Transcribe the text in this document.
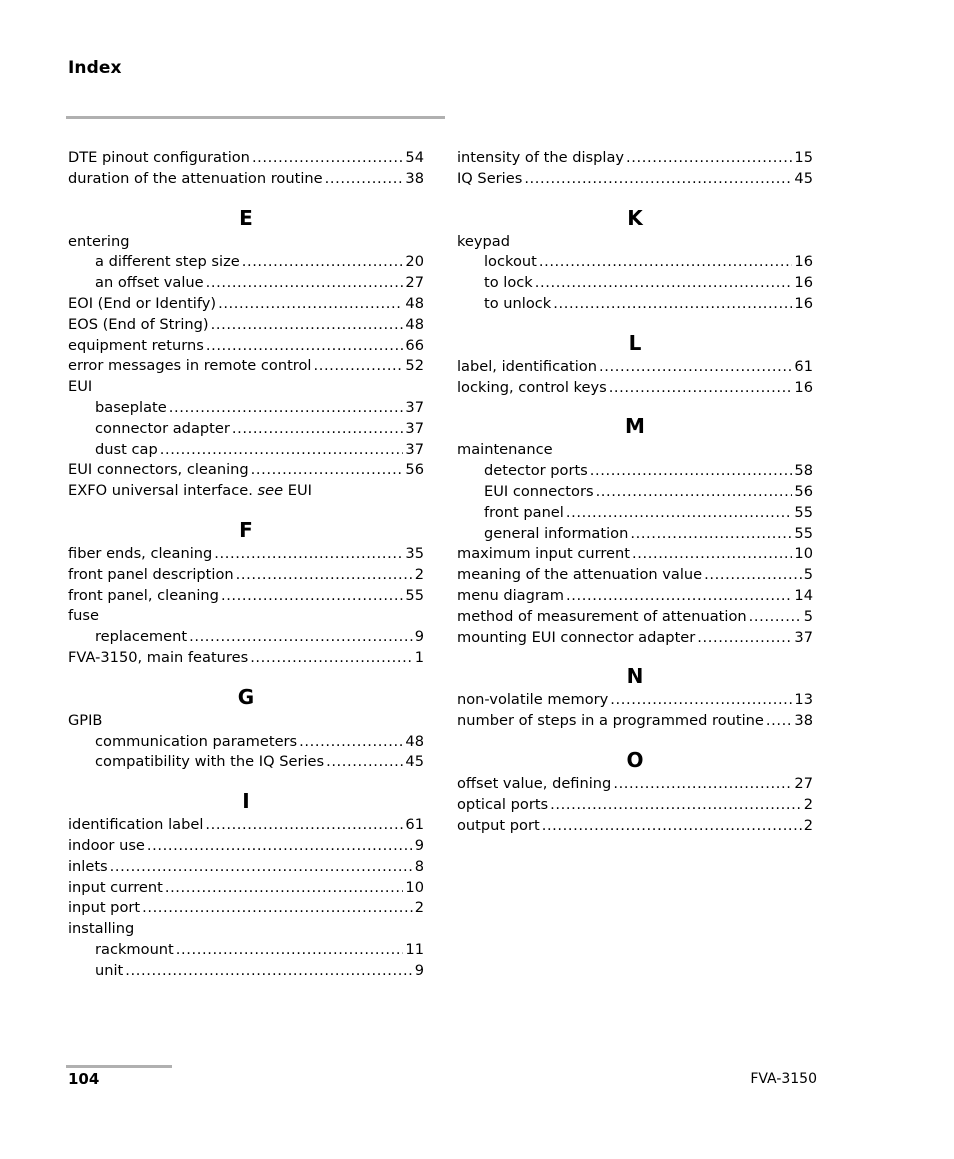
Index
DTE pinout configuration .....	54
duration of the attenuation routine .....	38
E
entering
a different step size .....	20
an offset value .....	27
EOI (End or Identify) .....	48
EOS (End of String) .....	48
equipment returns .....	66
error messages in remote control .....	52
EUI
baseplate .....	37
connector adapter .....	37
dust cap .....	37
EUI connectors, cleaning .....	56
EXFO universal interface. see EUI
F
fiber ends, cleaning .....	35
front panel description .....	2
front panel, cleaning .....	55
fuse
replacement .....	9
FVA-3150, main features .....	1
G
GPIB
communication parameters .....	48
compatibility with the IQ Series .....	45
I
identification label .....	61
indoor use .....	9
inlets .....	8
input current .....	10
input port .....	2
installing
rackmount .....	11
unit .....	9
intensity of the display .....	15
IQ Series .....	45
K
keypad
lockout .....	16
to lock .....	16
to unlock .....	16
L
label, identification .....	61
locking, control keys .....	16
M
maintenance
detector ports .....	58
EUI connectors .....	56
front panel .....	55
general information .....	55
maximum input current .....	10
meaning of the attenuation value .....	5
menu diagram .....	14
method of measurement of attenuation .....	5
mounting EUI connector adapter .....	37
N
non-volatile memory .....	13
number of steps in a programmed routine ..... 38
O
offset value, defining .....	27
optical ports .....	2
output port .....	2
104	FVA-3150
